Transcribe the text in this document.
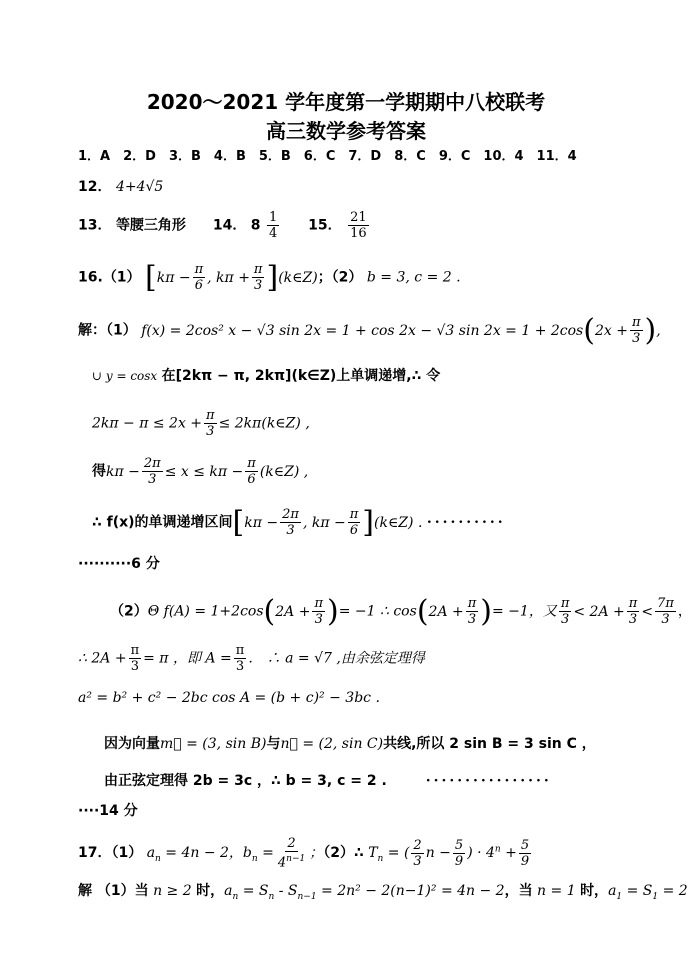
2020～2021 学年度第一学期期中八校联考
高三数学参考答案
1．A　2．D　3．B　4．B　5．B　6．C　7．D　8．C　9．C　10．4　11．4
12． 4+4√5
13． 等腰三角形 14． $8 \frac{1}{4} 15$． $\frac{21}{16}$
16.（1） [$k\pi - \frac{\pi}{6}$ , $k\pi + \frac{\pi}{3}$ ](k∈Z)；（2） b = 3, c = 2 .
解：（1） f(x) = 2cos² x − √3 sin 2x = 1 + cos 2x − √3 $\sin 2x = 1 + 2\cos(2x + \frac{\pi}{3}$ ),
∪ y = cosx 在[2kπ − π, 2kπ](k∈Z)上单调递增,∴ 令
$2k\pi - \pi \le 2x + \frac{\pi}{3}$ ≤ 2kπ(k∈Z) ,
得$k\pi - \frac{2\pi}{3} \le x \le k\pi - \frac{\pi}{6}$ (k∈Z) ,
∴ f(x)的单调递增区间[$k\pi - \frac{2\pi}{3}$ , $k\pi - \frac{\pi}{6}$ ](k∈Z) . ··········
··········6 分
（2）Θ $f(A) = 1+2\cos(2A + \frac{\pi}{3}$ )= −1 ∴ $\cos(2A + \frac{\pi}{3}$ )= −1，又 $\frac{\pi}{3} < 2A + \frac{\pi}{3} < \frac{7\pi}{3}$ ，
∴ $2A + \frac{\pi}{3} = \pi$ ，即 $A = \frac{\pi}{3}$ ． ∴ a = √7 ,由余弦定理得
a² = b² + c² − 2bc cos A = (b + c)² − 3bc .
因为向量m⃗ = (3, sin B)与n⃗ = (2, sin C)共线,所以 2 sin B = 3 sin C ，
由正弦定理得 2b = 3c ，∴ b = 3, c = 2 .	················
····14 分
17．（1） $a_n = 4n - 2$，$b_n = \frac{2}{4^{n-1}}$ ；（2）∴ $T_n$ = ( $\frac{2}{3}$ $n - \frac{5}{9}$ ) · $4^n + \frac{5}{9}$
解 （1）当 n ≥ 2 时，$a_n = S_n - S_{n-1} = 2n^2 - 2(n-1)^2 = 4n - 2$，当 n = 1 时，$a_1 = S_1 = 2$
